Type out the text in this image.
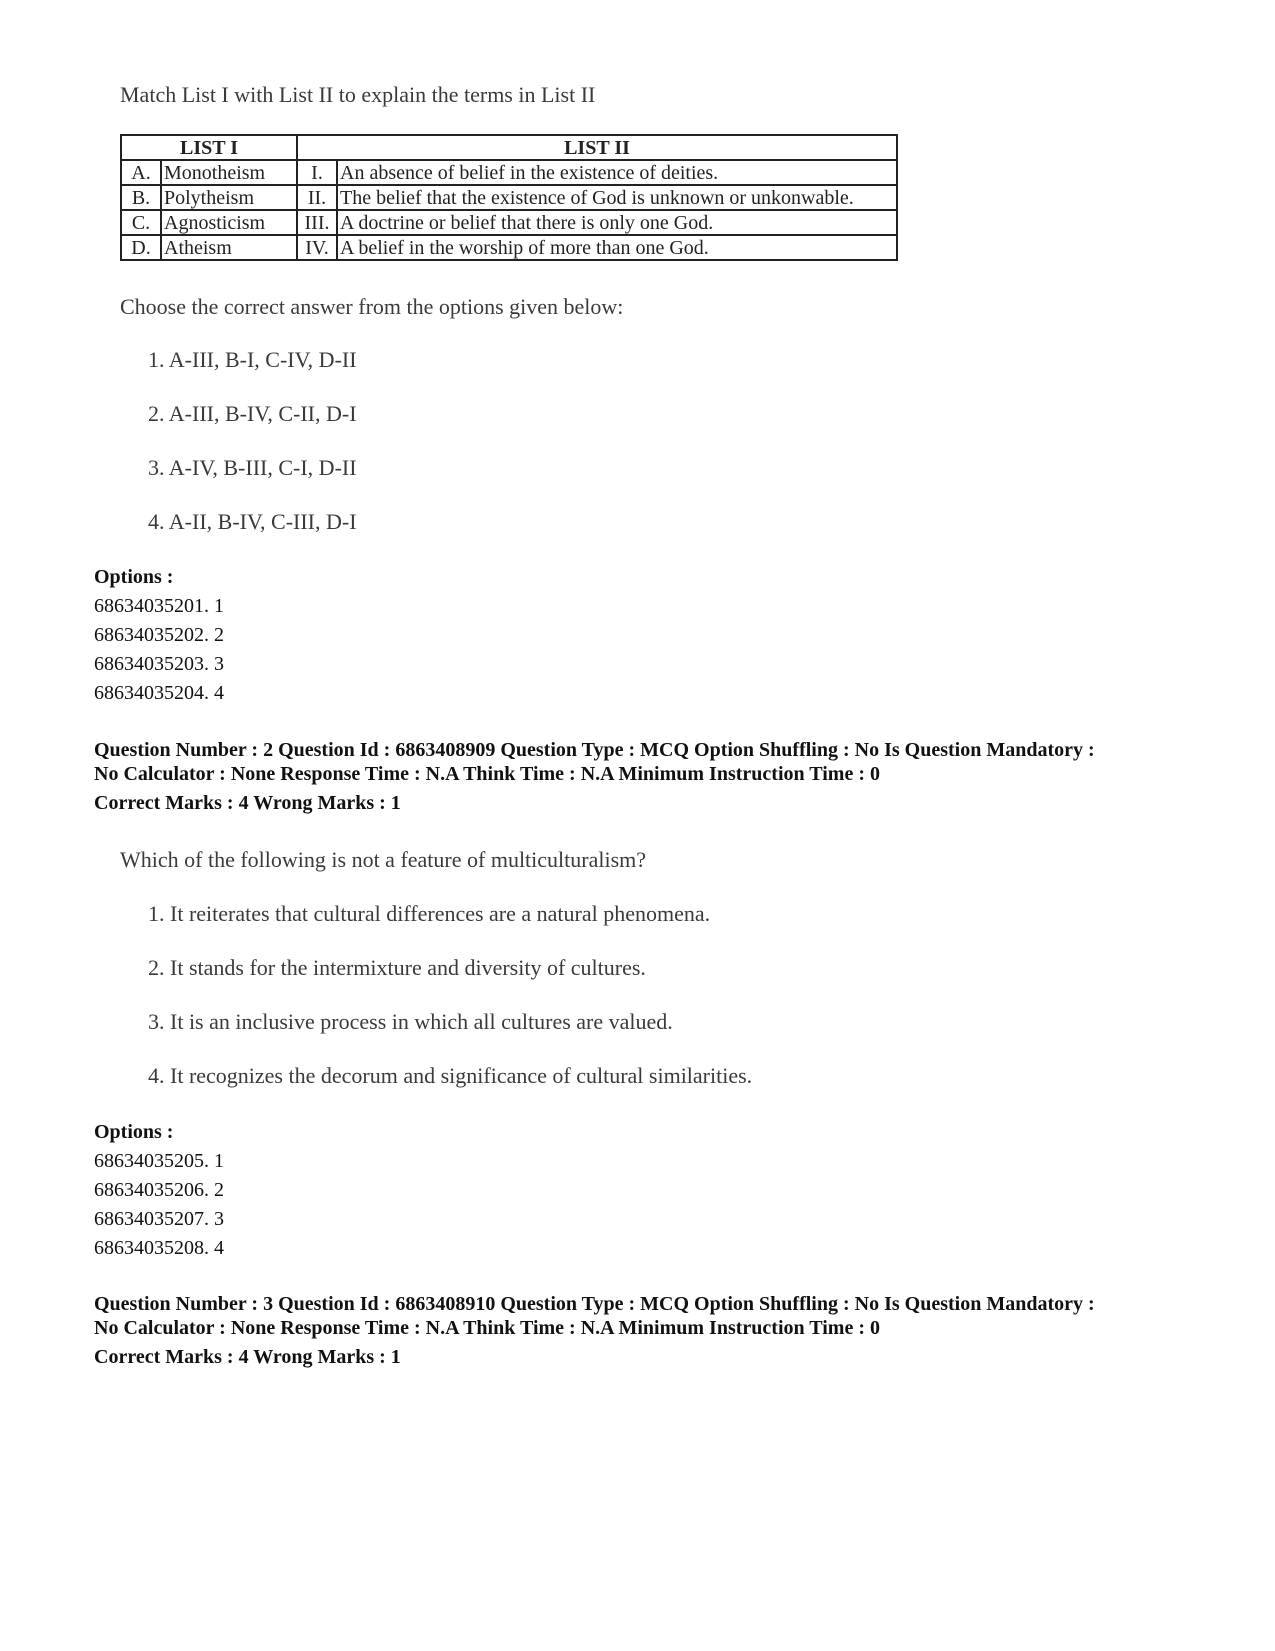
Match List I with List II to explain the terms in List II
LIST I		LIST II	
A.	Monotheism	I.	An absence of belief in the existence of deities.
B.	Polytheism	II.	The belief that the existence of God is unknown or unkonwable.
C.	Agnosticism	III.	A doctrine or belief that there is only one God.
D.	Atheism	IV.	A belief in the worship of more than one God.
Choose the correct answer from the options given below:
1. A-III, B-I, C-IV, D-II
2. A-III, B-IV, C-II, D-I
3. A-IV, B-III, C-I, D-II
4. A-II, B-IV, C-III, D-I
Options :
68634035201. 1
68634035202. 2
68634035203. 3
68634035204. 4
Question Number : 2 Question Id : 6863408909 Question Type : MCQ Option Shuffling : No Is Question Mandatory :
No Calculator : None Response Time : N.A Think Time : N.A Minimum Instruction Time : 0
Correct Marks : 4 Wrong Marks : 1
Which of the following is not a feature of multiculturalism?
1. It reiterates that cultural differences are a natural phenomena.
2. It stands for the intermixture and diversity of cultures.
3. It is an inclusive process in which all cultures are valued.
4. It recognizes the decorum and significance of cultural similarities.
Options :
68634035205. 1
68634035206. 2
68634035207. 3
68634035208. 4
Question Number : 3 Question Id : 6863408910 Question Type : MCQ Option Shuffling : No Is Question Mandatory :
No Calculator : None Response Time : N.A Think Time : N.A Minimum Instruction Time : 0
Correct Marks : 4 Wrong Marks : 1
